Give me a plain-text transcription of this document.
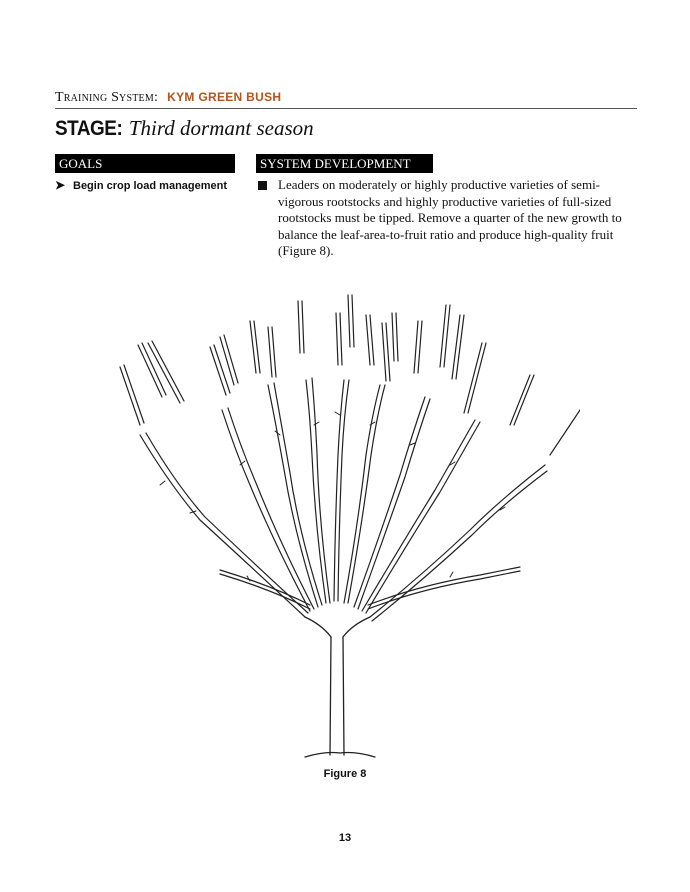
Training System: KYM GREEN BUSH
STAGE: Third dormant season
GOALS	SYSTEM DEVELOPMENT
➤ Begin crop load management	Leaders on moderately or highly productive varieties of semi-vigorous rootstocks and highly productive varieties of full-sized rootstocks must be tipped. Remove a quarter of the new growth to balance the leaf-area-to-fruit ratio and produce high-quality fruit (Figure 8).
Figure 8
13
